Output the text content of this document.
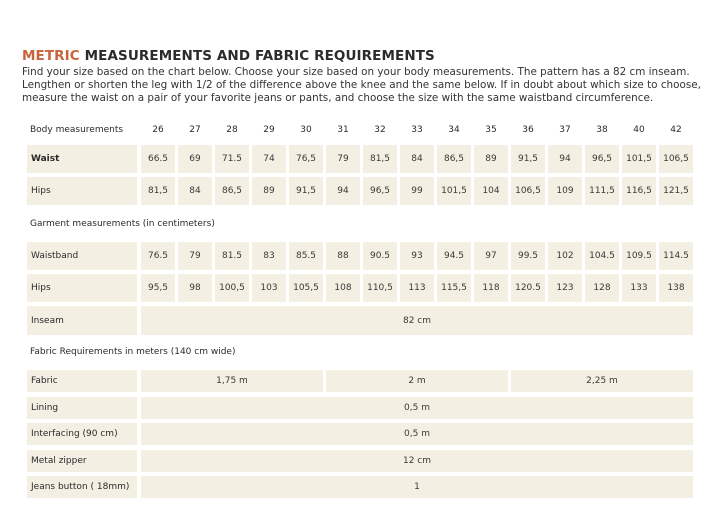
METRIC MEASUREMENTS AND FABRIC REQUIREMENTS
Find your size based on the chart below. Choose your size based on your body measurements. The pattern has a 82 cm inseam. Lengthen or shorten the leg with 1/2 of the difference above the knee and the same below. If in doubt about which size to choose, measure the waist on a pair of your favorite jeans or pants, and choose the size with the same waistband circumference.
Body measurements	26	27	28	29	30	31	32	33	34	35	36	37	38	40	42
Waist	66.5	69	71.5	74	76,5	79	81,5	84	86,5	89	91,5	94	96,5	101,5	106,5
Hips	81,5	84	86,5	89	91,5	94	96,5	99	101,5	104	106,5	109	111,5	116,5	121,5
Garment measurements (in centimeters)
Waistband	76.5	79	81.5	83	85.5	88	90.5	93	94.5	97	99.5	102	104.5	109.5	114.5
Hips	95,5	98	100,5	103	105,5	108	110,5	113	115,5	118	120.5	123	128	133	138
Inseam	82 cm
Fabric Requirements in meters (140 cm wide)
Fabric	1,75 m	2 m	2,25 m
Lining	0,5 m
Interfacing (90 cm)	0,5 m
Metal zipper	12 cm
Jeans button ( 18mm)	1
